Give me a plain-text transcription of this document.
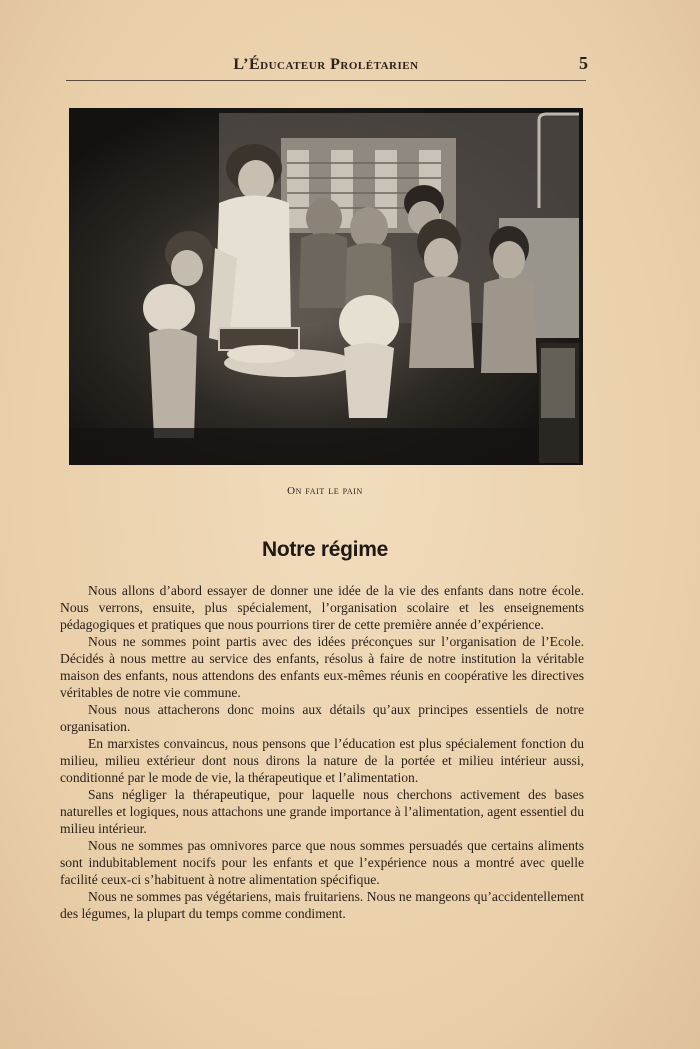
L’Éducateur Prolétarien	5
On fait le pain
Notre régime

Nous allons d’abord essayer de donner une idée de la vie des enfants dans notre école. Nous verrons, ensuite, plus spécialement, l’organisation scolaire et les enseignements pédagogiques et pratiques que nous pourrions tirer de cette première année d’expérience.

Nous ne sommes point partis avec des idées préconçues sur l’organisation de l’Ecole. Décidés à nous mettre au service des enfants, résolus à faire de notre institution la véritable maison des enfants, nous attendons des enfants eux-mêmes réunis en coopérative les directives véritables de notre vie commune.

Nous nous attacherons donc moins aux détails qu’aux principes essentiels de notre organisation.

En marxistes convaincus, nous pensons que l’éducation est plus spécialement fonction du milieu, milieu extérieur dont nous dirons la nature de la portée et milieu intérieur aussi, conditionné par le mode de vie, la thérapeutique et l’alimentation.

Sans négliger la thérapeutique, pour laquelle nous cherchons activement des bases naturelles et logiques, nous attachons une grande importance à l’alimentation, agent essentiel du milieu intérieur.

Nous ne sommes pas omnivores parce que nous sommes persuadés que certains aliments sont indubitablement nocifs pour les enfants et que l’expérience nous a montré avec quelle facilité ceux-ci s’habituent à notre alimentation spécifique.

Nous ne sommes pas végétariens, mais fruitariens. Nous ne mangeons qu’accidentellement des légumes, la plupart du temps comme condiment.
